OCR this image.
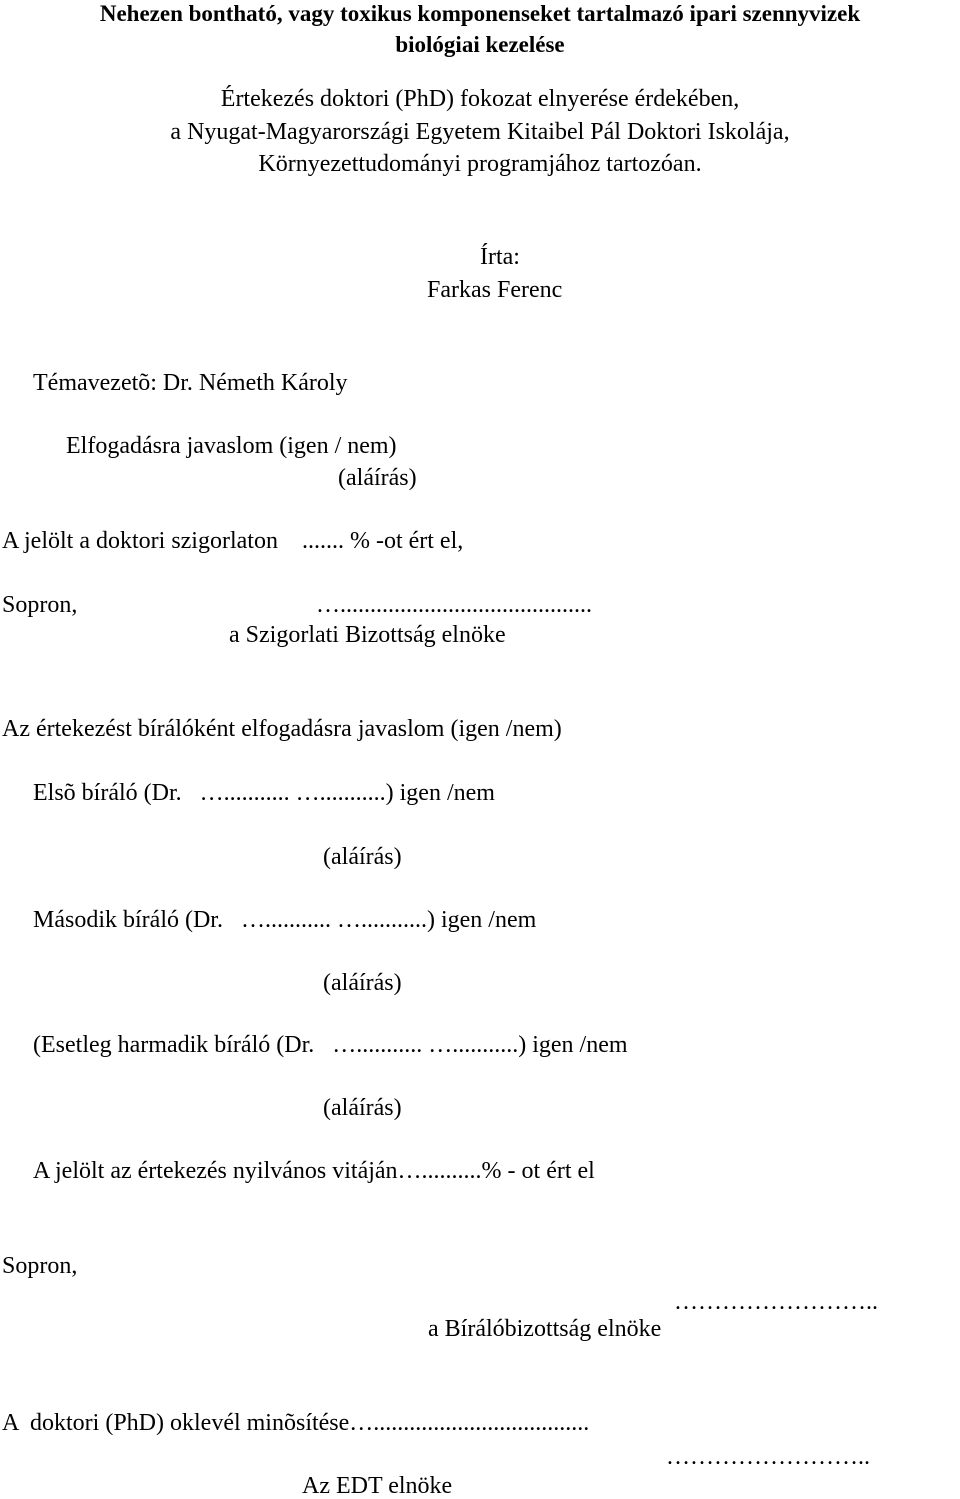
Nehezen bontható, vagy toxikus komponenseket tartalmazó ipari szennyvizek
biológiai kezelése
Értekezés doktori (PhD) fokozat elnyerése érdekében,
a Nyugat-Magyarországi Egyetem Kitaibel Pál Doktori Iskolája,
Környezettudományi programjához tartozóan.
Írta:
Farkas Ferenc
Témavezetõ: Dr. Németh Károly
Elfogadásra javaslom (igen / nem)
(aláírás)
A jelölt a doktori szigorlaton    ....... % -ot ért el,
Sopron,	…..........................................
a Szigorlati Bizottság elnöke
Az értekezést bírálóként elfogadásra javaslom (igen /nem)
Elsõ bíráló (Dr.   …........... …...........) igen /nem
(aláírás)
Második bíráló (Dr.   …........... …...........) igen /nem
(aláírás)
(Esetleg harmadik bíráló (Dr.   …........... …...........) igen /nem
(aláírás)
A jelölt az értekezés nyilvános vitáján…..........% - ot ért el
Sopron,
……………………..
a Bírálóbizottság elnöke
A  doktori (PhD) oklevél minõsítése…....................................
……………………..
Az EDT elnöke
